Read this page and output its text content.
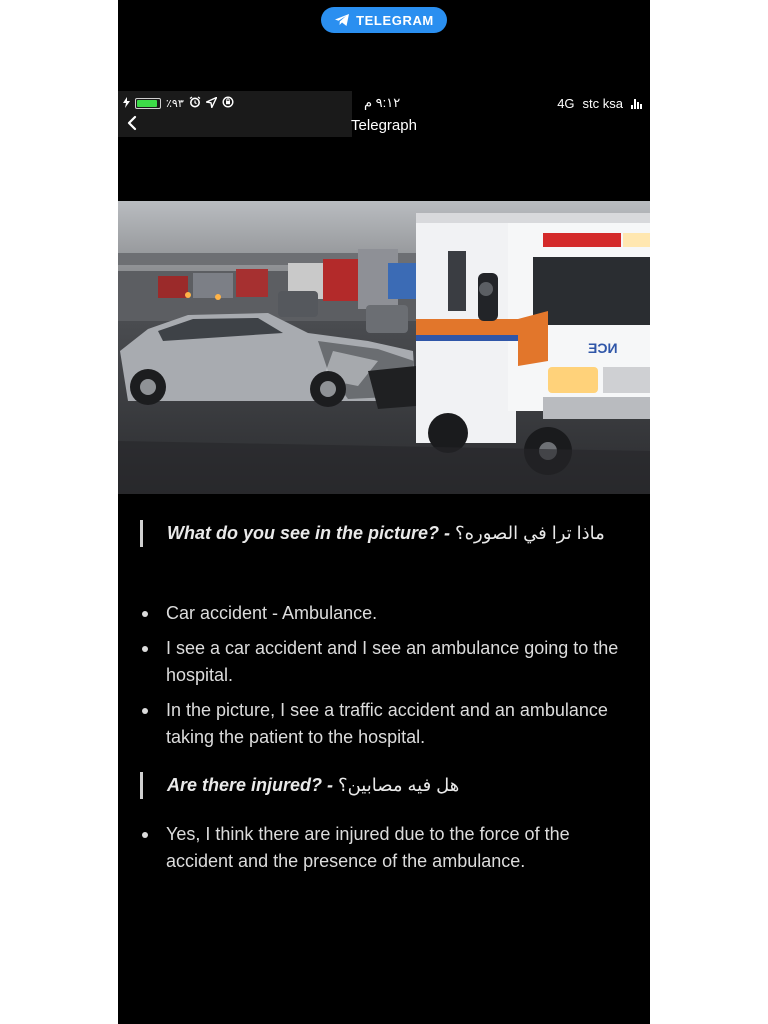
TELEGRAM
٪٩٣	٩:١٢ م	4G stc ksa
Telegraph
ƎƆИ
What do you see in the picture? - ماذا ترا في الصوره؟
Car accident - Ambulance.
I see a car accident and I see an ambulance going to the hospital.
In the picture, I see a traffic accident and an ambulance taking the patient to the hospital.
Are there injured? - هل فيه مصابين؟
Yes, I think there are injured due to the force of the accident and the presence of the ambulance.
